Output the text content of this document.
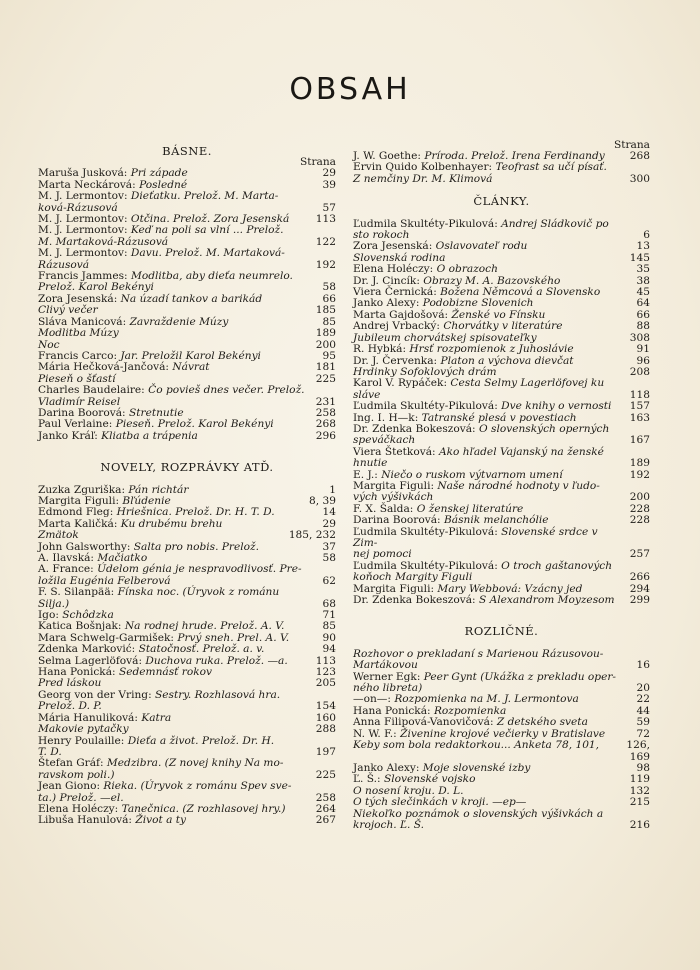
OBSAH

BÁSNE.

Strana

Maruša Jusková: Pri západe	29
Marta Neckárová: Posledné	39
M. J. Lermontov: Dieťatku. Prelož. M. Marta-
ková-Rázusová	57
M. J. Lermontov: Otčina. Prelož. Zora Jesenská	113
M. J. Lermontov: Keď na poli sa vlní ... Prelož.
M. Martaková-Rázusová	122
M. J. Lermontov: Davu. Prelož. M. Martaková-
Rázusová	192
Francis Jammes: Modlitba, aby dieťa neumrelo.
Prelož. Karol Bekényi	58
Zora Jesenská: Na úzadí tankov a barikád	66
Clivý večer	185
Sláva Manicová: Zavraždenie Múzy	85
Modlitba Múzy	189
Noc	200
Francis Carco: Jar. Preložil Karol Bekényi	95
Mária Hečková-Jančová: Návrat	181
Pieseň o šťastí	225
Charles Baudelaire: Čo povieš dnes večer. Prelož.
Vladimír Reisel	231
Darina Boorová: Stretnutie	258
Paul Verlaine: Pieseň. Prelož. Karol Bekényi	268
Janko Kráľ: Kliatba a trápenia	296

NOVELY, ROZPRÁVKY ATĎ.

Zuzka Zguriška: Pán richtár	1
Margita Figuli: Bľúdenie	8, 39
Edmond Fleg: Hriešnica. Prelož. Dr. H. T. D.	14
Marta Kaličká: Ku drubému brehu	29
Zmätok	185, 232
John Galsworthy: Salta pro nobis. Prelož.	37
A. Ilavská: Mačiatko	58
A. France: Údelom génia je nespravodlivosť. Pre-
ložila Eugénia Felberová	62
F. S. Silanpää: Fínska noc. (Úryvok z románu
Silja.)	68
Igo: Schôdzka	71
Katica Bošnjak: Na rodnej hrude. Prelož. A. V.	85
Mara Schwelg-Garmišek: Prvý sneh. Prel. A. V.	90
Zdenka Marković: Statočnosť. Prelož. a. v.	94
Selma Lagerlöfová: Duchova ruka. Prelož. —a.	113
Hana Ponická: Sedemnásť rokov	123
Pred láskou	205
Georg von der Vring: Sestry. Rozhlasová hra.
Prelož. D. P.	154
Mária Hanuliková: Katra	160
Makovie pytačky	288
Henry Poulaille: Dieťa a život. Prelož. Dr. H.
T. D.	197
Štefan Gráf: Medzibra. (Z novej knihy Na mo-
ravskom poli.)	225
Jean Giono: Rieka. (Úryvok z románu Spev sve-
ta.) Prelož. —el.	258
Elena Holéczy: Tanečnica. (Z rozhlasovej hry.)	264
Libuša Hanulová: Život a ty	267

Strana

J. W. Goethe: Príroda. Prelož. Irena Ferdinandy	268
Ervin Quido Kolbenhayer: Teofrast sa učí písať.
Z nemčiny Dr. M. Klimová	300

ČLÁNKY.

Ľudmila Skultéty-Pikulová: Andrej Sládkovič po
sto rokoch	6
Zora Jesenská: Oslavovateľ rodu	13
Slovenská rodina	145
Elena Holéczy: O obrazoch	35
Dr. J. Cincík: Obrazy M. A. Bazovského	38
Viera Černická: Božena Němcová a Slovensko	45
Janko Alexy: Podobizne Slovenich	64
Marta Gajdošová: Ženské vo Fínsku	66
Andrej Vrbacký: Chorvátky v literatúre	88
Jubileum chorvátskej spisovateľky	308
R. Hybká: Hrsť rozpomienok z Juhoslávie	91
Dr. J. Červenka: Platon a výchova dievčat	96
Hrdinky Sofoklových drám	208
Karol V. Rypáček: Cesta Selmy Lagerlöfovej ku
slávе	118
Ľudmila Skultéty-Pikulová: Dve knihy o vernosti	157
Ing. I. H—k: Tatranské plesá v povestiach	163
Dr. Zdenka Bokeszová: O slovenských operných
speváčkach	167
Viera Štetková: Ako hľadel Vajanský na ženské
hnutie	189
E. J.: Niečo o ruskom výtvarnom umení	192
Margita Figuli: Naše národné hodnoty v ľudo-
vých výšivkách	200
F. X. Šalda: O ženskej literatúre	228
Darina Boorová: Básnik melanchólie	228
Ľudmila Skultéty-Pikulová: Slovenské srdce v Zim-
nej pomoci	257
Ľudmila Skultéty-Pikulová: O troch gaštanových
koňoch Margity Figuli	266
Margita Figuli: Mary Webbová: Vzácny jed	294
Dr. Zdenka Bokeszová: S Alexandrom Moyzesom	299

ROZLIČNÉ.

Rozhovor o prekladaní s Mariенou Rázusovou-
Martákovou	16
Werner Egk: Peer Gynt (Ukážka z prekladu oper-
ného libreta)	20
—on—: Rozpomienka na M. J. Lermontova	22
Hana Ponická: Rozpomienka	44
Anna Filipová-Vanovičová: Z detského sveta	59
N. W. F.: Živenine krojové večierky v Bratislave	72
Keby som bola redaktorkou... Anketa 78, 101,	126,
169
Janko Alexy: Moje slovenské izby	98
Ľ. Š.: Slovenské vojsko	119
O nosení kroju. D. L.	132
O tých slečinkách v kroji. —ep—	215
Niekoľko poznámok o slovenských výšivkách a
krojoch. Ľ. Š.	216
